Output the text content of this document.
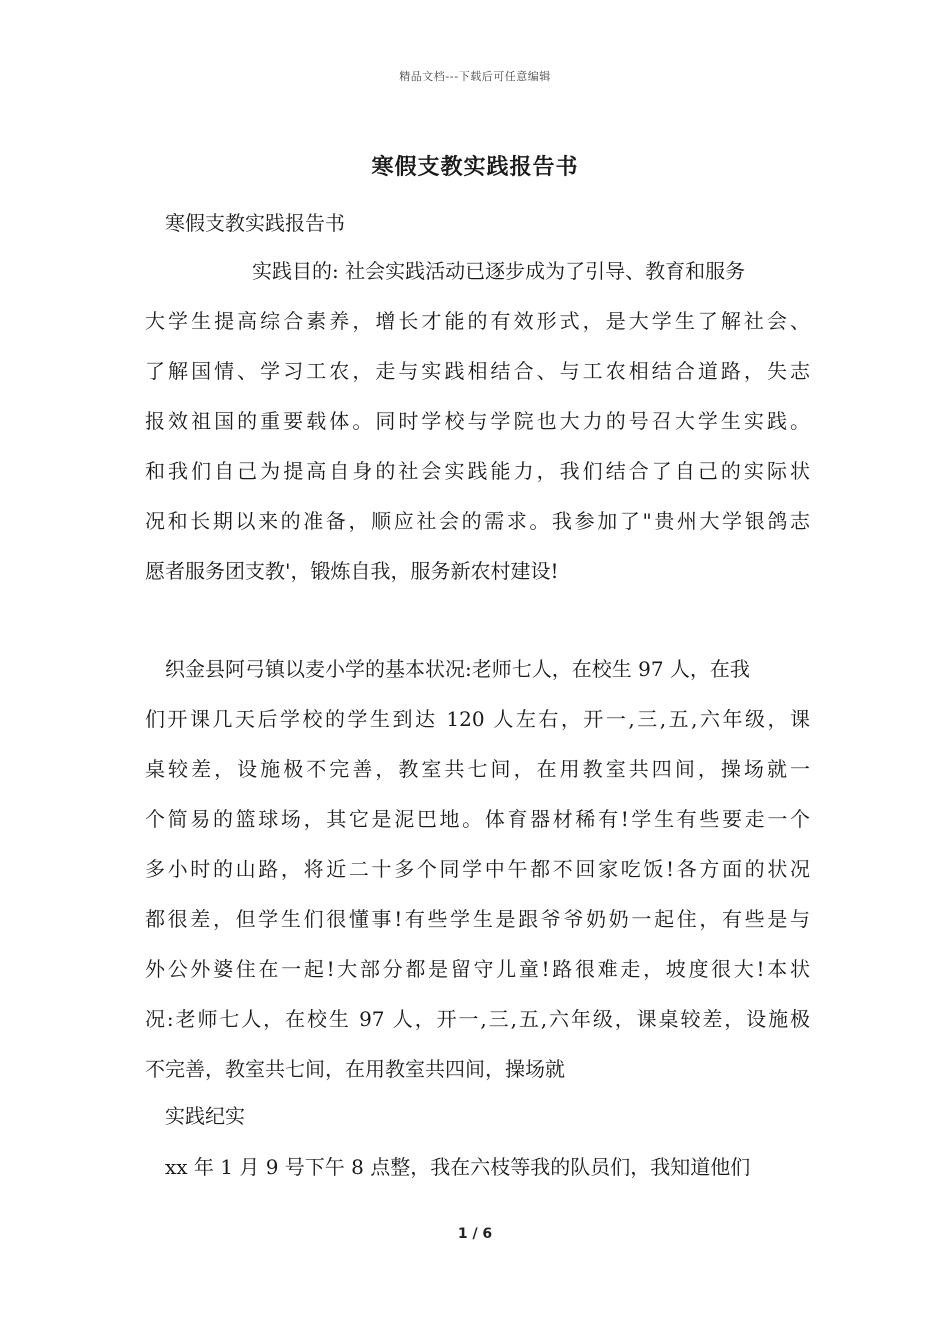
精品文档---下载后可任意编辑
寒假支教实践报告书
寒假支教实践报告书
实践目的: 社会实践活动已逐步成为了引导、教育和服务
大学生提高综合素养，增长才能的有效形式，是大学生了解社会、
了解国情、学习工农，走与实践相结合、与工农相结合道路，失志
报效祖国的重要载体。同时学校与学院也大力的号召大学生实践。
和我们自己为提高自身的社会实践能力，我们结合了自己的实际状
况和长期以来的准备，顺应社会的需求。我参加了"贵州大学银鸽志
愿者服务团支教'，锻炼自我，服务新农村建设!
织金县阿弓镇以麦小学的基本状况:老师七人，在校生 97 人，在我
们开课几天后学校的学生到达 120 人左右，开一,三,五,六年级，课
桌较差，设施极不完善，教室共七间，在用教室共四间，操场就一
个简易的篮球场，其它是泥巴地。体育器材稀有!学生有些要走一个
多小时的山路，将近二十多个同学中午都不回家吃饭!各方面的状况
都很差，但学生们很懂事!有些学生是跟爷爷奶奶一起住，有些是与
外公外婆住在一起!大部分都是留守儿童!路很难走，坡度很大!本状
况:老师七人，在校生 97 人，开一,三,五,六年级，课桌较差，设施极
不完善，教室共七间，在用教室共四间，操场就
实践纪实
xx 年 1 月 9 号下午 8 点整，我在六枝等我的队员们，我知道他们
1 / 6
